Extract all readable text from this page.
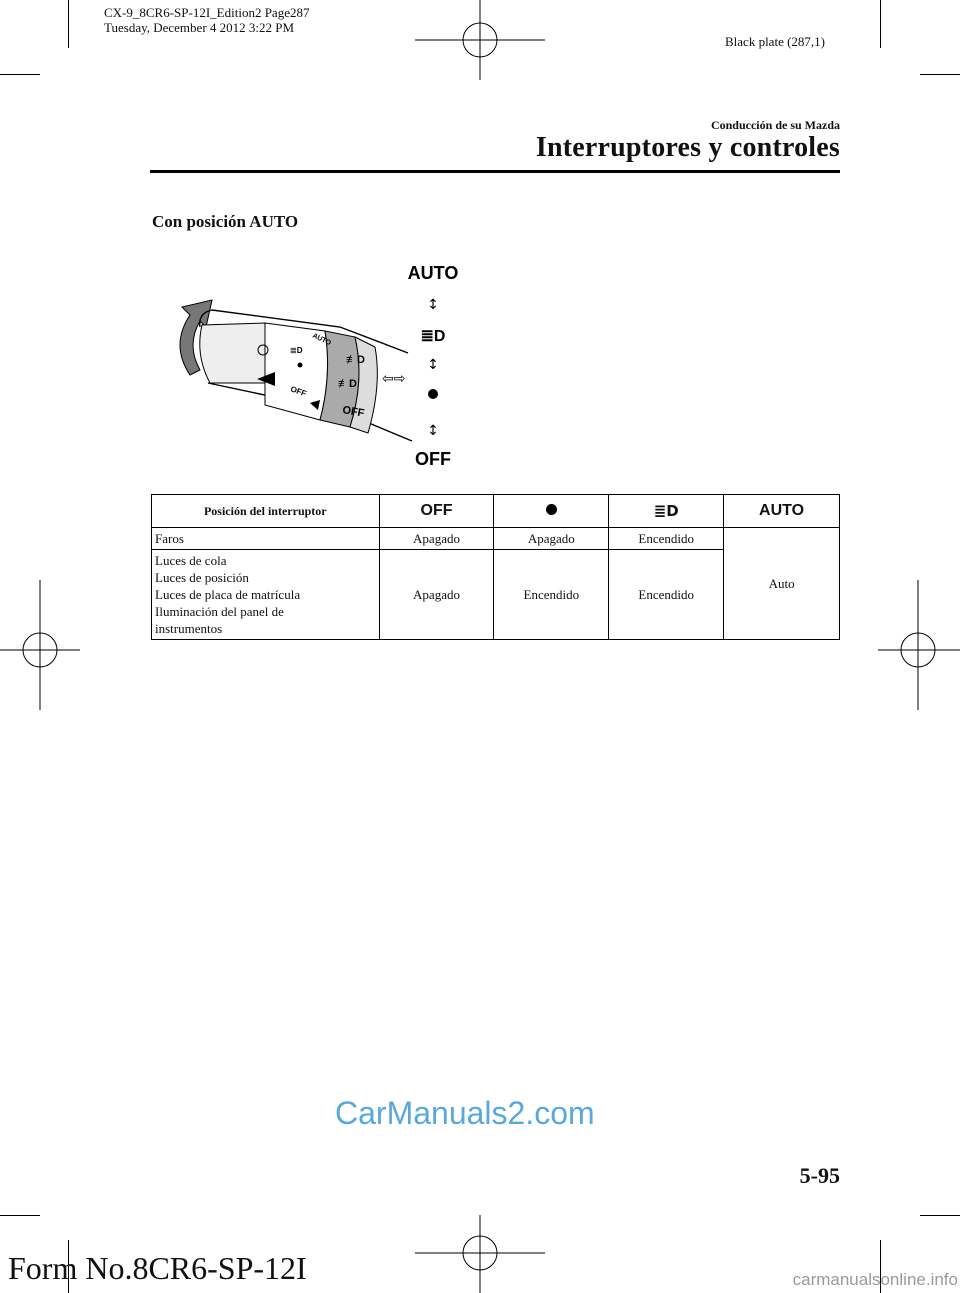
CX-9_8CR6-SP-12I_Edition2 Page287
Tuesday, December 4 2012 3:22 PM
Black plate (287,1)
Conducción de su Mazda
Interruptores y controles
Con posición AUTO
≣D
OFF
AUTO
OFF
≢D
≢D ⇦⇨
AUTO
↕
≣D
↕
↕
OFF
Posición del interruptor	OFF		≣D	AUTO
Faros	Apagado	Apagado	Encendido	Auto

Luces de cola
Luces de posición
Luces de placa de matrícula
Iluminación del panel de
instrumentos	Apagado	Encendido	Encendido	
CarManuals2.com
5-95
Form No.8CR6-SP-12I	carmanualsonline.info
